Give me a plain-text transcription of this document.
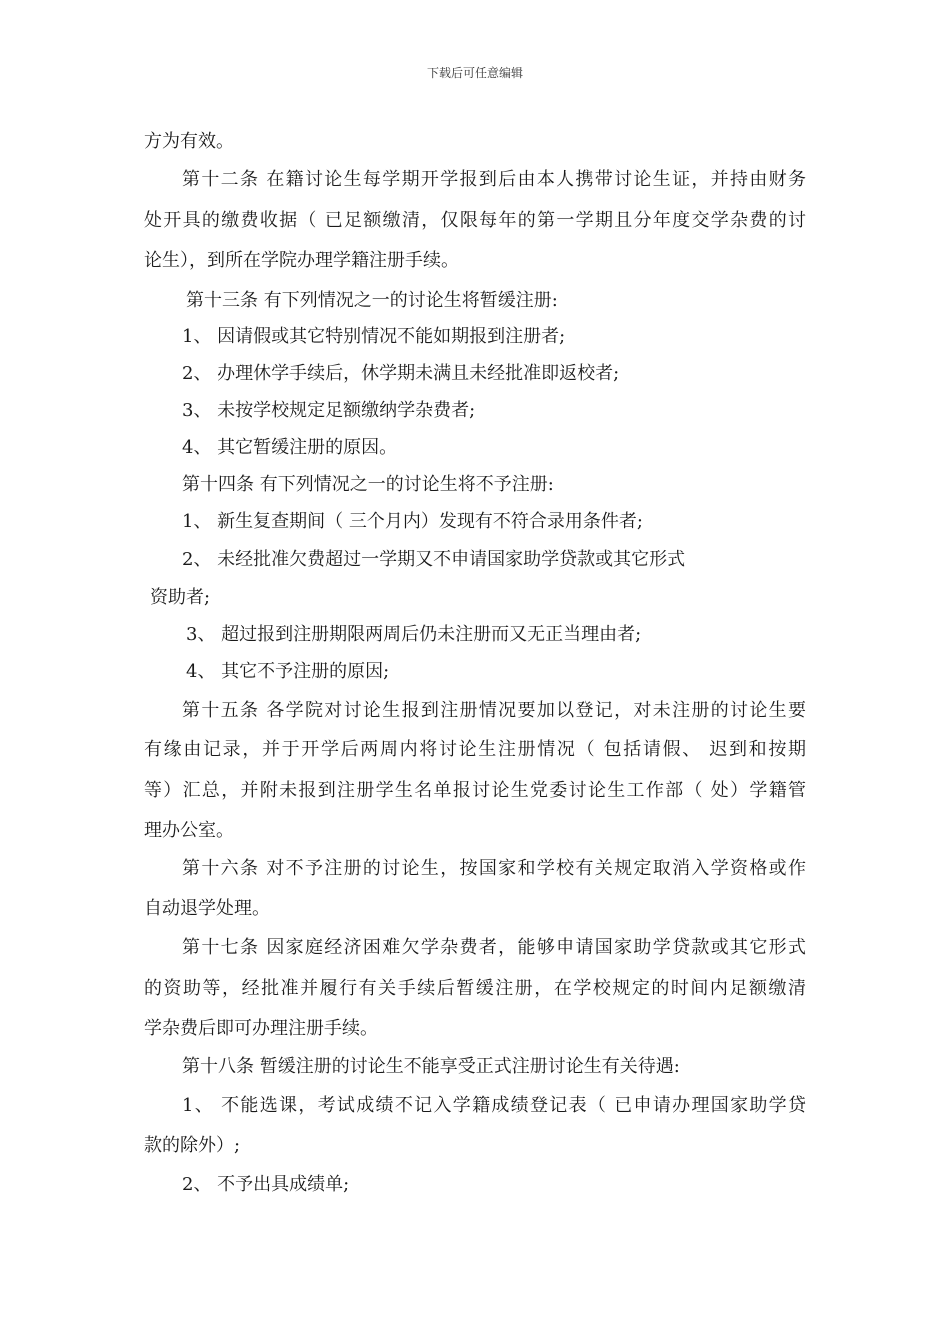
下载后可任意编辑
方为有效。
第十二条 在籍讨论生每学期开学报到后由本人携带讨论生证，并持由财务
处开具的缴费收据（ 已足额缴清，仅限每年的第一学期且分年度交学杂费的讨
论生），到所在学院办理学籍注册手续。
第十三条 有下列情况之一的讨论生将暂缓注册:
1、 因请假或其它特别情况不能如期报到注册者;
2、 办理休学手续后，休学期未满且未经批准即返校者;
3、 未按学校规定足额缴纳学杂费者;
4、 其它暂缓注册的原因。
第十四条 有下列情况之一的讨论生将不予注册:
1、 新生复查期间（ 三个月内）发现有不符合录用条件者;
2、 未经批准欠费超过一学期又不申请国家助学贷款或其它形式
资助者;
3、 超过报到注册期限两周后仍未注册而又无正当理由者;
4、 其它不予注册的原因;
第十五条 各学院对讨论生报到注册情况要加以登记，对未注册的讨论生要
有缘由记录，并于开学后两周内将讨论生注册情况（ 包括请假、 迟到和按期
等）汇总，并附未报到注册学生名单报讨论生党委讨论生工作部（ 处）学籍管
理办公室。
第十六条 对不予注册的讨论生，按国家和学校有关规定取消入学资格或作
自动退学处理。
第十七条 因家庭经济困难欠学杂费者，能够申请国家助学贷款或其它形式
的资助等，经批准并履行有关手续后暂缓注册，在学校规定的时间内足额缴清
学杂费后即可办理注册手续。
第十八条 暂缓注册的讨论生不能享受正式注册讨论生有关待遇:
1、 不能选课，考试成绩不记入学籍成绩登记表（ 已申请办理国家助学贷
款的除外）;
2、 不予出具成绩单;
